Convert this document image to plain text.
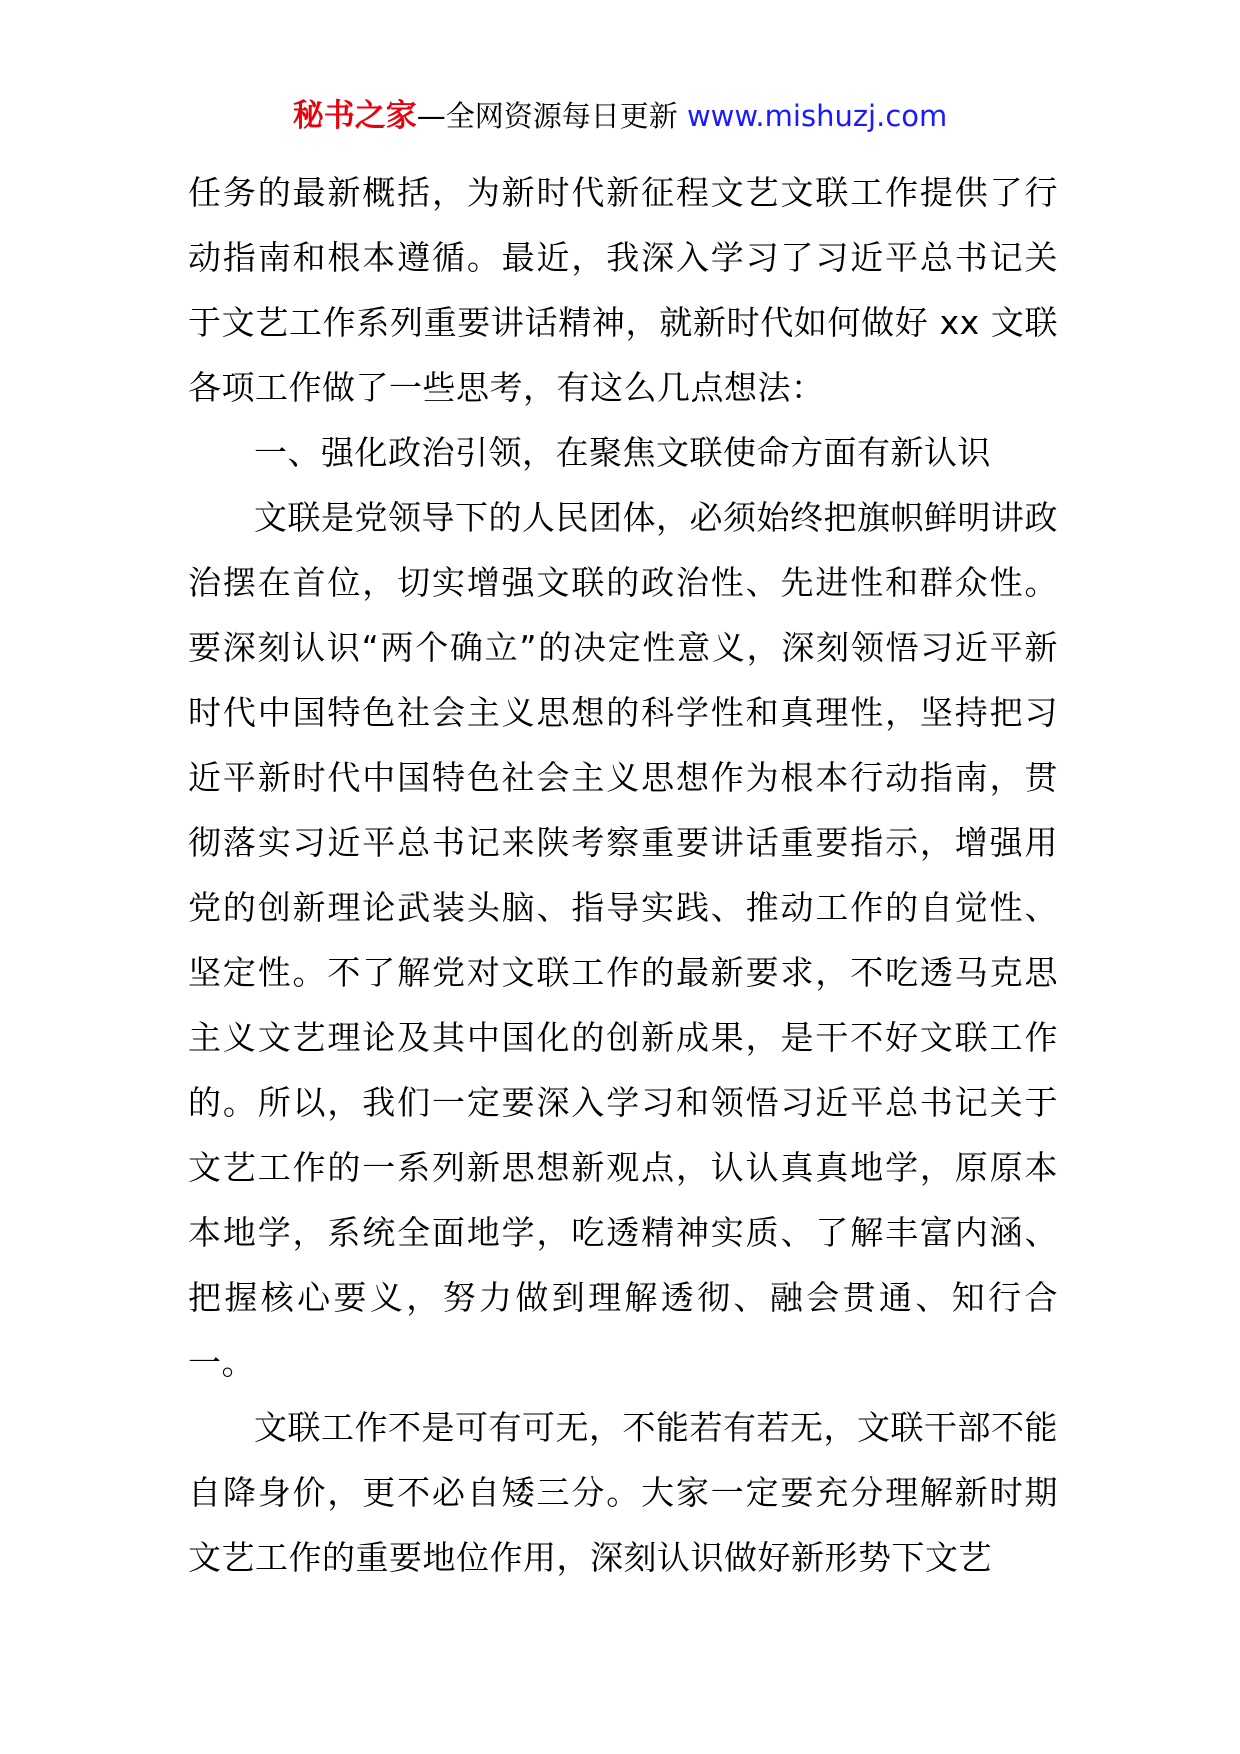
秘书之家—全网资源每日更新 www.mishuzj.com

任务的最新概括，为新时代新征程文艺文联工作提供了行动指南和根本遵循。最近，我深入学习了习近平总书记关于文艺工作系列重要讲话精神，就新时代如何做好 xx 文联各项工作做了一些思考，有这么几点想法：

一、强化政治引领，在聚焦文联使命方面有新认识

文联是党领导下的人民团体，必须始终把旗帜鲜明讲政治摆在首位，切实增强文联的政治性、先进性和群众性。要深刻认识“两个确立”的决定性意义，深刻领悟习近平新时代中国特色社会主义思想的科学性和真理性，坚持把习近平新时代中国特色社会主义思想作为根本行动指南，贯彻落实习近平总书记来陕考察重要讲话重要指示，增强用党的创新理论武装头脑、指导实践、推动工作的自觉性、坚定性。不了解党对文联工作的最新要求，不吃透马克思主义文艺理论及其中国化的创新成果，是干不好文联工作的。所以，我们一定要深入学习和领悟习近平总书记关于文艺工作的一系列新思想新观点，认认真真地学，原原本本地学，系统全面地学，吃透精神实质、了解丰富内涵、把握核心要义，努力做到理解透彻、融会贯通、知行合一。

文联工作不是可有可无，不能若有若无，文联干部不能自降身价，更不必自矮三分。大家一定要充分理解新时期文艺工作的重要地位作用，深刻认识做好新形势下文艺
